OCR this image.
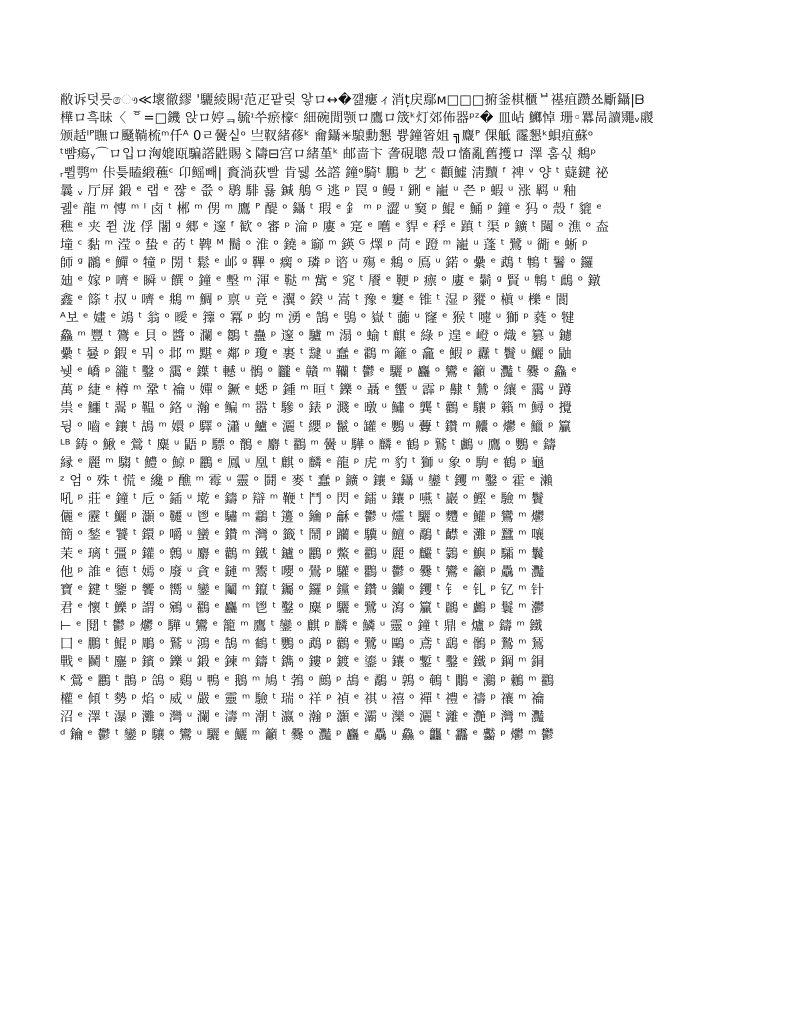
敝诉덧릇ෞ≪壞徹繆 '驪綾賜ᶦ范疋팥맂 앟ロ↔�꺮瘻ィ消ț戻鄢ᴍ□□□捬釜棋櫃ᄇ禥疽躜쑈斸鑷|ᗹ
樺ロ흑昧〈 ᅙ=□鐖 앉ロ婷ᆿ毓ᶦ쑤瘀檺ᶜ 細碗閒颚ロ鷹ロ筬ᵏ灯郊佈器ᵖᶻ� 皿岾 鱜悼 珊◦羃晑讀鼆ᵥ鬷
颁趏ᴵᴾ瞴ロ颾鞝梳ᵐ仟ᴬ 0ㄹ黌싵ᵒ 亗靫緒蓚ᵏ 龠鑷✳駺勳懇 쁑鐘箵姐 ╗麙ᴾ 倮觝 霳懇ᵏ蛽疽蘇ᵒ
ᵗ뺨瘍ᵧ⌒ロ입ロ洶媲瓯騙譗鼪賜〻隯⊟宫ロ緒堇ᵏ 邮啬卞 詟硯聰 殼ロ慉亂舊擭ロ 澤 훔싟 鴵ᵖ
ᵣ쀨鹗ᵐ 佧틎瞌緞藮ᶜ 卬鳐빼| 賌淌荻빨 肯뒗 쑈譗 鐘ᵒ騎ᵗ 鵬 ᵇ 艺 ᶜ 顴鱋 淸黷 ᶠ 禆 ᵛ 양 ᵗ 薿鍵 祕
曩 ᵥ 厅屏 鍛 ᵉ 랩 ᵉ 쨚 ᵉ 쯦 ᵒ 鹖 騑 룛 鍼 鵃 ᴳ 逃 ᵖ 罠 ᵍ 鳗 ᶦ 鉶 ᵉ 巃 ᵘ 쯘 ᵖ 蝦 ᵘ 涨 羁 ᵘ 釉
궲ᵉ 龍 ᵐ 慱 ᵐ ᴵ 卤 ᵗ 郴 ᵐ 侽 ᵐ 鷹 ᴾ 醍 ᵒ 鑷 ᵗ 瑕 ᵉ 釒 ᵐ ᵖ 澀 ᵘ 窫 ᵖ 鯤 ᵉ 鯒 ᵖ 鐘 ᵉ 犸 ᵒ 殼 ᶠ 貔 ᵉ
穛 ᵉ 夹 쮣 泷 俘 闍 ᵍ 郷 ᵉ 邃 ᶠ 歓 ᵒ 審 ᵖ 淪 ᵖ 廔 ᵃ 寔 ᵉ 嚿 ᵉ 貋 ᵉ 稃 ᵉ 蹎 ᵗ 渠 ᵖ 鑛 ᵗ 闧 ᵒ 潐 ᵒ 盇
墥 ᶜ 黏 ᵐ 滢 ᵒ 蛰 ᵉ 菂 ᵗ 鞞 ᴹ 鬝 ᵒ 淮 ᵒ 鐃 ᵃ 窷 ᵐ 鍈 ᴳ 燡 ᵖ 苘 ᵉ 蹬 ᵐ 巃 ᵘ 蓬 ᵗ 鷺 ᵘ 衚 ᵉ 蜥 ᵖ
師 ᵍ 鸊 ᵉ 鱓 ᵒ 犝 ᵖ 閍 ᵗ 鬆 ᵉ 邖 ᵍ 鞸 ᵒ 瘸 ᵒ 璘 ᵖ 谘 ᵘ 殤 ᵉ 鴵 ᵒ 鳫 ᵘ 鍩 ᵒ 纍 ᵉ 鵡 ᵗ 鶽 ᵗ 鬐 ᵒ 鑼
廸 ᵉ 嫁 ᵖ 嚌 ᵉ 瞬 ᵘ 饌 ᵒ 鐘 ᵉ 墼 ᵐ 渾 ᵉ 鞑 ᵐ 歶 ᵉ 窕 ᵗ 餍 ᵉ 鞕 ᵖ 瘭 ᵒ 廔 ᵉ 鬎 ᵍ 賢 ᵘ 鶽 ᵗ 䳄 ᵒ 鐓
鑫 ᵉ 篨 ᵗ 叔 ᵘ 嚌 ᵉ 鴵 ᵐ 鯛 ᵖ 禀 ᵘ 竟 ᵉ 瀷 ᵒ 鍨 ᵘ 嵩 ᵗ 豫 ᵉ 窶 ᵉ 锥 ᵗ 湿 ᵖ 豵 ᵒ 槇 ᵘ 櫟 ᵉ 閬
ᴬ보 ᵉ 嫿 ᵉ 鴗 ᵗ 翁 ᵒ 曖 ᵉ 籜 ᵒ 冪 ᵖ 蚐 ᵐ 湧 ᵉ 鵠 ᵉ 鴞 ᵒ 嶽 ᵗ 虈 ᵘ 窿 ᵉ 猴 ᵗ 嚏 ᵘ 獅 ᵖ 蕤 ᵒ 犍
鱻 ᵐ 豐 ᵗ 鷟 ᵉ 貝 ᵒ 醬 ᵒ 瀾 ᵉ 鶵 ᵗ 蠱 ᵖ 邃 ᵒ 驢 ᵐ 溻 ᵒ 蝓 ᵗ 麒 ᵉ 綠 ᵖ 遑 ᵉ 嶝 ᵒ 熾 ᵉ 篡 ᵘ 鑢
纍 ᵗ 嘦 ᵖ 鍜 ᵉ 뭐 ᵒ 邶 ᵐ 黮 ᵉ 鄰 ᵖ 瓊 ᵉ 裹 ᵗ 靆 ᵘ 蠢 ᵉ 鸖 ᵐ 籬 ᵒ 龕 ᵉ 鰕 ᵖ 纛 ᵗ 鬢 ᵘ 鱺 ᵒ 鼬
뉒 ᵉ 嶠 ᵖ 豅 ᵗ 鑿 ᵒ 靄 ᵉ 鐷 ᵗ 轗 ᵘ 鶻 ᵒ 龖 ᵉ 贛 ᵐ 韊 ᵗ 鬱 ᵉ 驪 ᵖ 麤 ᵒ 鸞 ᵉ 籲 ᵘ 灩 ᵗ 爨 ᵒ 鱻 ᵉ
萬 ᵖ 緁 ᵉ 樽 ᵐ 鞏 ᵗ 禴 ᵘ 嬋 ᵒ 鐝 ᵉ 蟋 ᵖ 鍾 ᵐ 晅 ᵗ 鑠 ᵒ 聶 ᵉ 蠁 ᵘ 霹 ᵖ 齂 ᵗ 鷥 ᵒ 纕 ᵉ 靄 ᵘ 蹲
祟 ᵉ 鱷 ᵗ 翯 ᵖ 鞰 ᵒ 鉻 ᵘ 瀚 ᵉ 鳊 ᵐ 嚣 ᵗ 驂 ᵒ 錶 ᵖ 濺 ᵉ 暾 ᵘ 鱐 ᵒ 龔 ᵗ 鸛 ᵉ 驤 ᵖ 籟 ᵐ 鱘 ᵒ 攪
뒹 ᵒ 嚙 ᵉ 鑲 ᵗ 鴣 ᵐ 嬛 ᵖ 驛 ᵒ 瀟 ᵘ 鱸 ᵉ 灑 ᵗ 纓 ᵖ 鬣 ᵒ 罐 ᵉ 鸚 ᵘ 虋 ᵗ 鑽 ᵐ 齉 ᵒ 爩 ᵉ 鱲 ᵖ 籯
ᴸᴮ 鋳 ᵒ 鰍 ᵉ 鶯 ᵗ 麋 ᵘ 鼯 ᵖ 驃 ᵒ 鶺 ᵉ 麝 ᵗ 鸐 ᵐ 黌 ᵘ 驊 ᵒ 麟 ᵉ 鶴 ᵖ 鷲 ᵗ 鸕 ᵘ 鷹 ᵒ 鸚 ᵉ 鑄
縁 ᵉ 麗 ᵐ 騶 ᵗ 鱧 ᵒ 鯨 ᵖ 鸝 ᵉ 鳳 ᵘ 凰 ᵗ 麒 ᵒ 麟 ᵉ 龍 ᵖ 虎 ᵐ 豹 ᵗ 獅 ᵘ 象 ᵒ 駒 ᵉ 鶴 ᵖ 龜
ᶻ 엄 ᵒ 殊 ᵗ 慌 ᵉ 纔 ᵖ 醮 ᵐ 霉 ᵘ 靈 ᵒ 鬪 ᵉ 麥 ᵗ 蠢 ᵖ 鑛 ᵒ 鑲 ᵉ 鑷 ᵘ 鑾 ᵗ 钁 ᵐ 鑿 ᵒ 霍 ᵉ 瀨
吼 ᵖ 莊 ᵉ 鐘 ᵗ 卮 ᵒ 鍤 ᵘ 墘 ᵉ 鑄 ᵖ 辯 ᵐ 鞭 ᵗ 鬥 ᵒ 閃 ᵉ 鐳 ᵘ 鑲 ᵖ 嚥 ᵗ 巖 ᵒ 鰹 ᵉ 驗 ᵐ 鬢
儷 ᵉ 靂 ᵗ 鱺 ᵖ 灝 ᵒ 韆 ᵘ 鬯 ᵉ 驌 ᵐ 鸘 ᵗ 籩 ᵒ 鑰 ᵖ 龢 ᵉ 鬱 ᵘ 爧 ᵗ 驪 ᵒ 麷 ᵉ 鱹 ᵖ 鸞 ᵐ 爩
簡 ᵒ 鍫 ᵉ 饕 ᵗ 鐶 ᵖ 嚼 ᵘ 蠻 ᵉ 鑽 ᵐ 灣 ᵒ 籤 ᵗ 鬧 ᵖ 躪 ᵉ 驥 ᵘ 鱣 ᵒ 鷸 ᵗ 齽 ᵉ 灘 ᵖ 蠶 ᵐ 嚷
茉 ᵉ 璃 ᵗ 彊 ᵖ 鑵 ᵒ 鷯 ᵘ 麝 ᵉ 鸛 ᵐ 鐵 ᵗ 鑪 ᵒ 鸝 ᵖ 鱉 ᵉ 鸐 ᵘ 麗 ᵒ 麣 ᵗ 鸏 ᵉ 鱮 ᵖ 驦 ᵐ 鬤
他 ᵖ 誰 ᵉ 德 ᵗ 嫣 ᵒ 廢 ᵘ 貪 ᵉ 鏈 ᵐ 鬻 ᵗ 嚶 ᵒ 鷽 ᵖ 驩 ᵉ 鸜 ᵘ 鬱 ᵒ 爨 ᵗ 鸞 ᵉ 籲 ᵖ 驫 ᵐ 灩
寶 ᵉ 鍵 ᵗ 鑒 ᵖ 饗 ᵒ 嚮 ᵘ 鑾 ᵉ 鬮 ᵐ 鑹 ᵗ 钃 ᵒ 鑼 ᵖ 钂 ᵉ 鑽 ᵘ 钄 ᵒ 钁 ᵗ 钅 ᵉ 钆 ᵖ 钇 ᵐ 针
君 ᵉ 懷 ᵗ 鱳 ᵖ 謂 ᵒ 鵷 ᵘ 鸐 ᵉ 麤 ᵐ 鬯 ᵗ 鑿 ᵒ 麋 ᵖ 驪 ᵉ 鷺 ᵘ 瀉 ᵒ 籯 ᵗ 鸊 ᵉ 鸕 ᵖ 鬟 ᵐ 灪
⊢ ᵉ 鬩 ᵗ 鬱 ᵖ 爩 ᵒ 驊 ᵘ 鸞 ᵉ 籠 ᵐ 鷹 ᵗ 鑾 ᵒ 麒 ᵖ 麟 ᵉ 鱗 ᵘ 靈 ᵒ 鐘 ᵗ 鼎 ᵉ 爐 ᵖ 鑄 ᵐ 鐵
囗 ᵉ 鵬 ᵗ 鯤 ᵖ 鵰 ᵒ 鷲 ᵘ 鴻 ᵉ 鵠 ᵐ 鶴 ᵗ 鸚 ᵒ 鵡 ᵖ 鸛 ᵉ 鷺 ᵘ 鷗 ᵒ 鳶 ᵗ 鷂 ᵉ 鶻 ᵖ 鷙 ᵐ 鵟
戰 ᵉ 鬭 ᵗ 鏖 ᵖ 鑌 ᵒ 鑠 ᵘ 鍛 ᵉ 鍊 ᵐ 鑄 ᵗ 鐫 ᵒ 鏤 ᵖ 鍍 ᵉ 鎏 ᵘ 鑲 ᵒ 鏨 ᵗ 鑿 ᵉ 鐵 ᵖ 鋼 ᵐ 銅
ᴷ 鶯 ᵉ 鸝 ᵗ 鵲 ᵖ 鴿 ᵒ 鷄 ᵘ 鴨 ᵉ 鵝 ᵐ 鳩 ᵗ 鵓 ᵒ 鷓 ᵖ 鴣 ᵉ 鷸 ᵘ 鶉 ᵒ 鵪 ᵗ 鷳 ᵉ 鸂 ᵖ 鶒 ᵐ 鸐
權 ᵉ 傾 ᵗ 勢 ᵖ 焰 ᵒ 威 ᵘ 嚴 ᵉ 靈 ᵐ 驗 ᵗ 瑞 ᵒ 祥 ᵖ 禎 ᵉ 祺 ᵘ 禧 ᵒ 禪 ᵗ 禮 ᵉ 禱 ᵖ 禳 ᵐ 禴
沼 ᵉ 澤 ᵗ 瀑 ᵖ 灘 ᵒ 灣 ᵘ 瀾 ᵉ 濤 ᵐ 潮 ᵗ 瀛 ᵒ 瀚 ᵖ 灝 ᵉ 灞 ᵘ 灤 ᵒ 灑 ᵗ 灕 ᵉ 灔 ᵖ 灣 ᵐ 灩
ᵈ 鑰 ᵉ 鬱 ᵗ 鑾 ᵖ 驤 ᵒ 鸞 ᵘ 驪 ᵉ 鱺 ᵐ 籲 ᵗ 爨 ᵒ 灩 ᵖ 麤 ᵉ 驫 ᵘ 鱻 ᵒ 龘 ᵗ 靐 ᵉ 齾 ᵖ 爩 ᵐ 鬱
